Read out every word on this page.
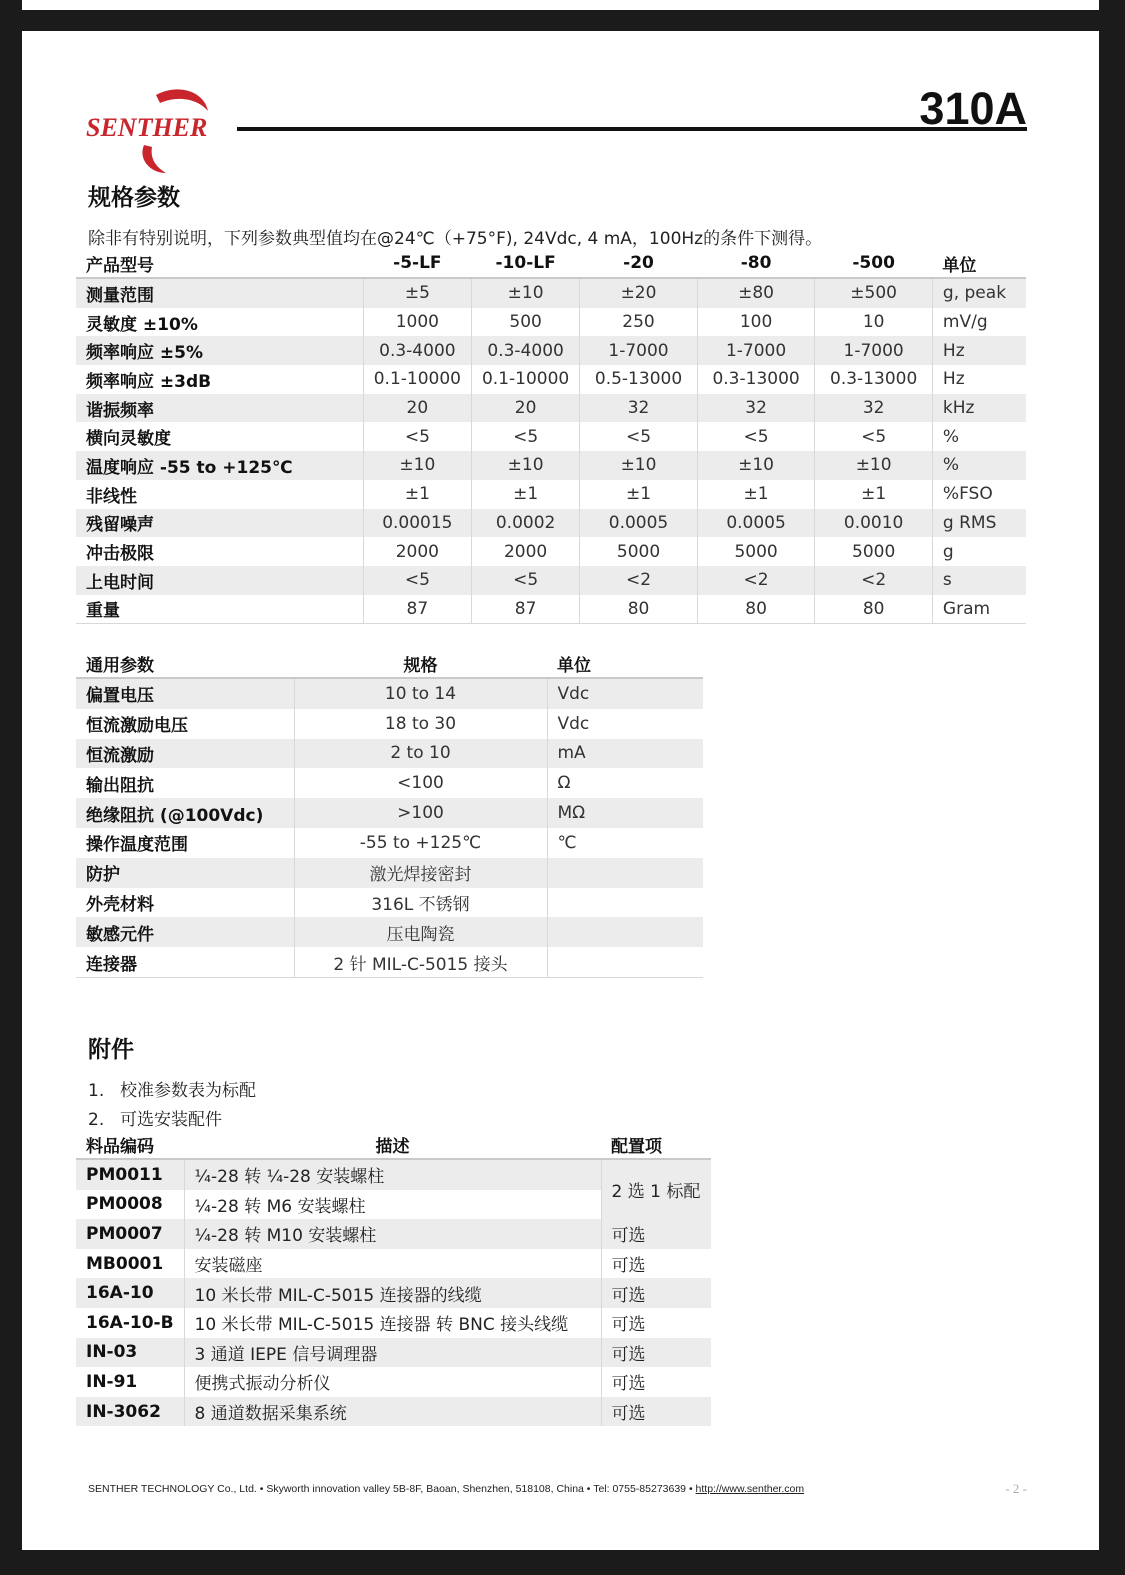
SENTHER	310A
规格参数
除非有特别说明，下列参数典型值均在@24℃（+75°F), 24Vdc, 4 mA，100Hz的条件下测得。
产品型号	-5-LF	-10-LF	-20	-80	-500	单位
测量范围	±5	±10	±20	±80	±500	g, peak
灵敏度 ±10%	1000	500	250	100	10	mV/g
频率响应 ±5%	0.3-4000	0.3-4000	1-7000	1-7000	1-7000	Hz
频率响应 ±3dB	0.1-10000	0.1-10000	0.5-13000	0.3-13000	0.3-13000	Hz
谐振频率	20	20	32	32	32	kHz
横向灵敏度	<5	<5	<5	<5	<5	%
温度响应 -55 to +125℃	±10	±10	±10	±10	±10	%
非线性	±1	±1	±1	±1	±1	%FSO
残留噪声	0.00015	0.0002	0.0005	0.0005	0.0010	g RMS
冲击极限	2000	2000	5000	5000	5000	g
上电时间	<5	<5	<2	<2	<2	s
重量	87	87	80	80	80	Gram
通用参数	规格	单位
偏置电压	10 to 14	Vdc
恒流激励电压	18 to 30	Vdc
恒流激励	2 to 10	mA
输出阻抗	<100	Ω
绝缘阻抗 (@100Vdc)	>100	MΩ
操作温度范围	-55 to +125℃	℃
防护	激光焊接密封	
外壳材料	316L 不锈钢	
敏感元件	压电陶瓷	
连接器	2 针 MIL-C-5015 接头	
附件
1. 校准参数表为标配
2. 可选安装配件
料品编码	描述	配置项
PM0011	¼-28 转 ¼-28 安装螺柱	2 选 1 标配
PM0008	¼-28 转 M6 安装螺柱	
PM0007	¼-28 转 M10 安装螺柱	可选
MB0001	安装磁座	可选
16A-10	10 米长带 MIL-C-5015 连接器的线缆	可选
16A-10-B	10 米长带 MIL-C-5015 连接器 转 BNC 接头线缆	可选
IN-03	3 通道 IEPE 信号调理器	可选
IN-91	便携式振动分析仪	可选
IN-3062	8 通道数据采集系统	可选
SENTHER TECHNOLOGY Co., Ltd. • Skyworth innovation valley 5B-8F, Baoan, Shenzhen, 518108, China • Tel: 0755-85273639 • http://www.senther.com	- 2 -
